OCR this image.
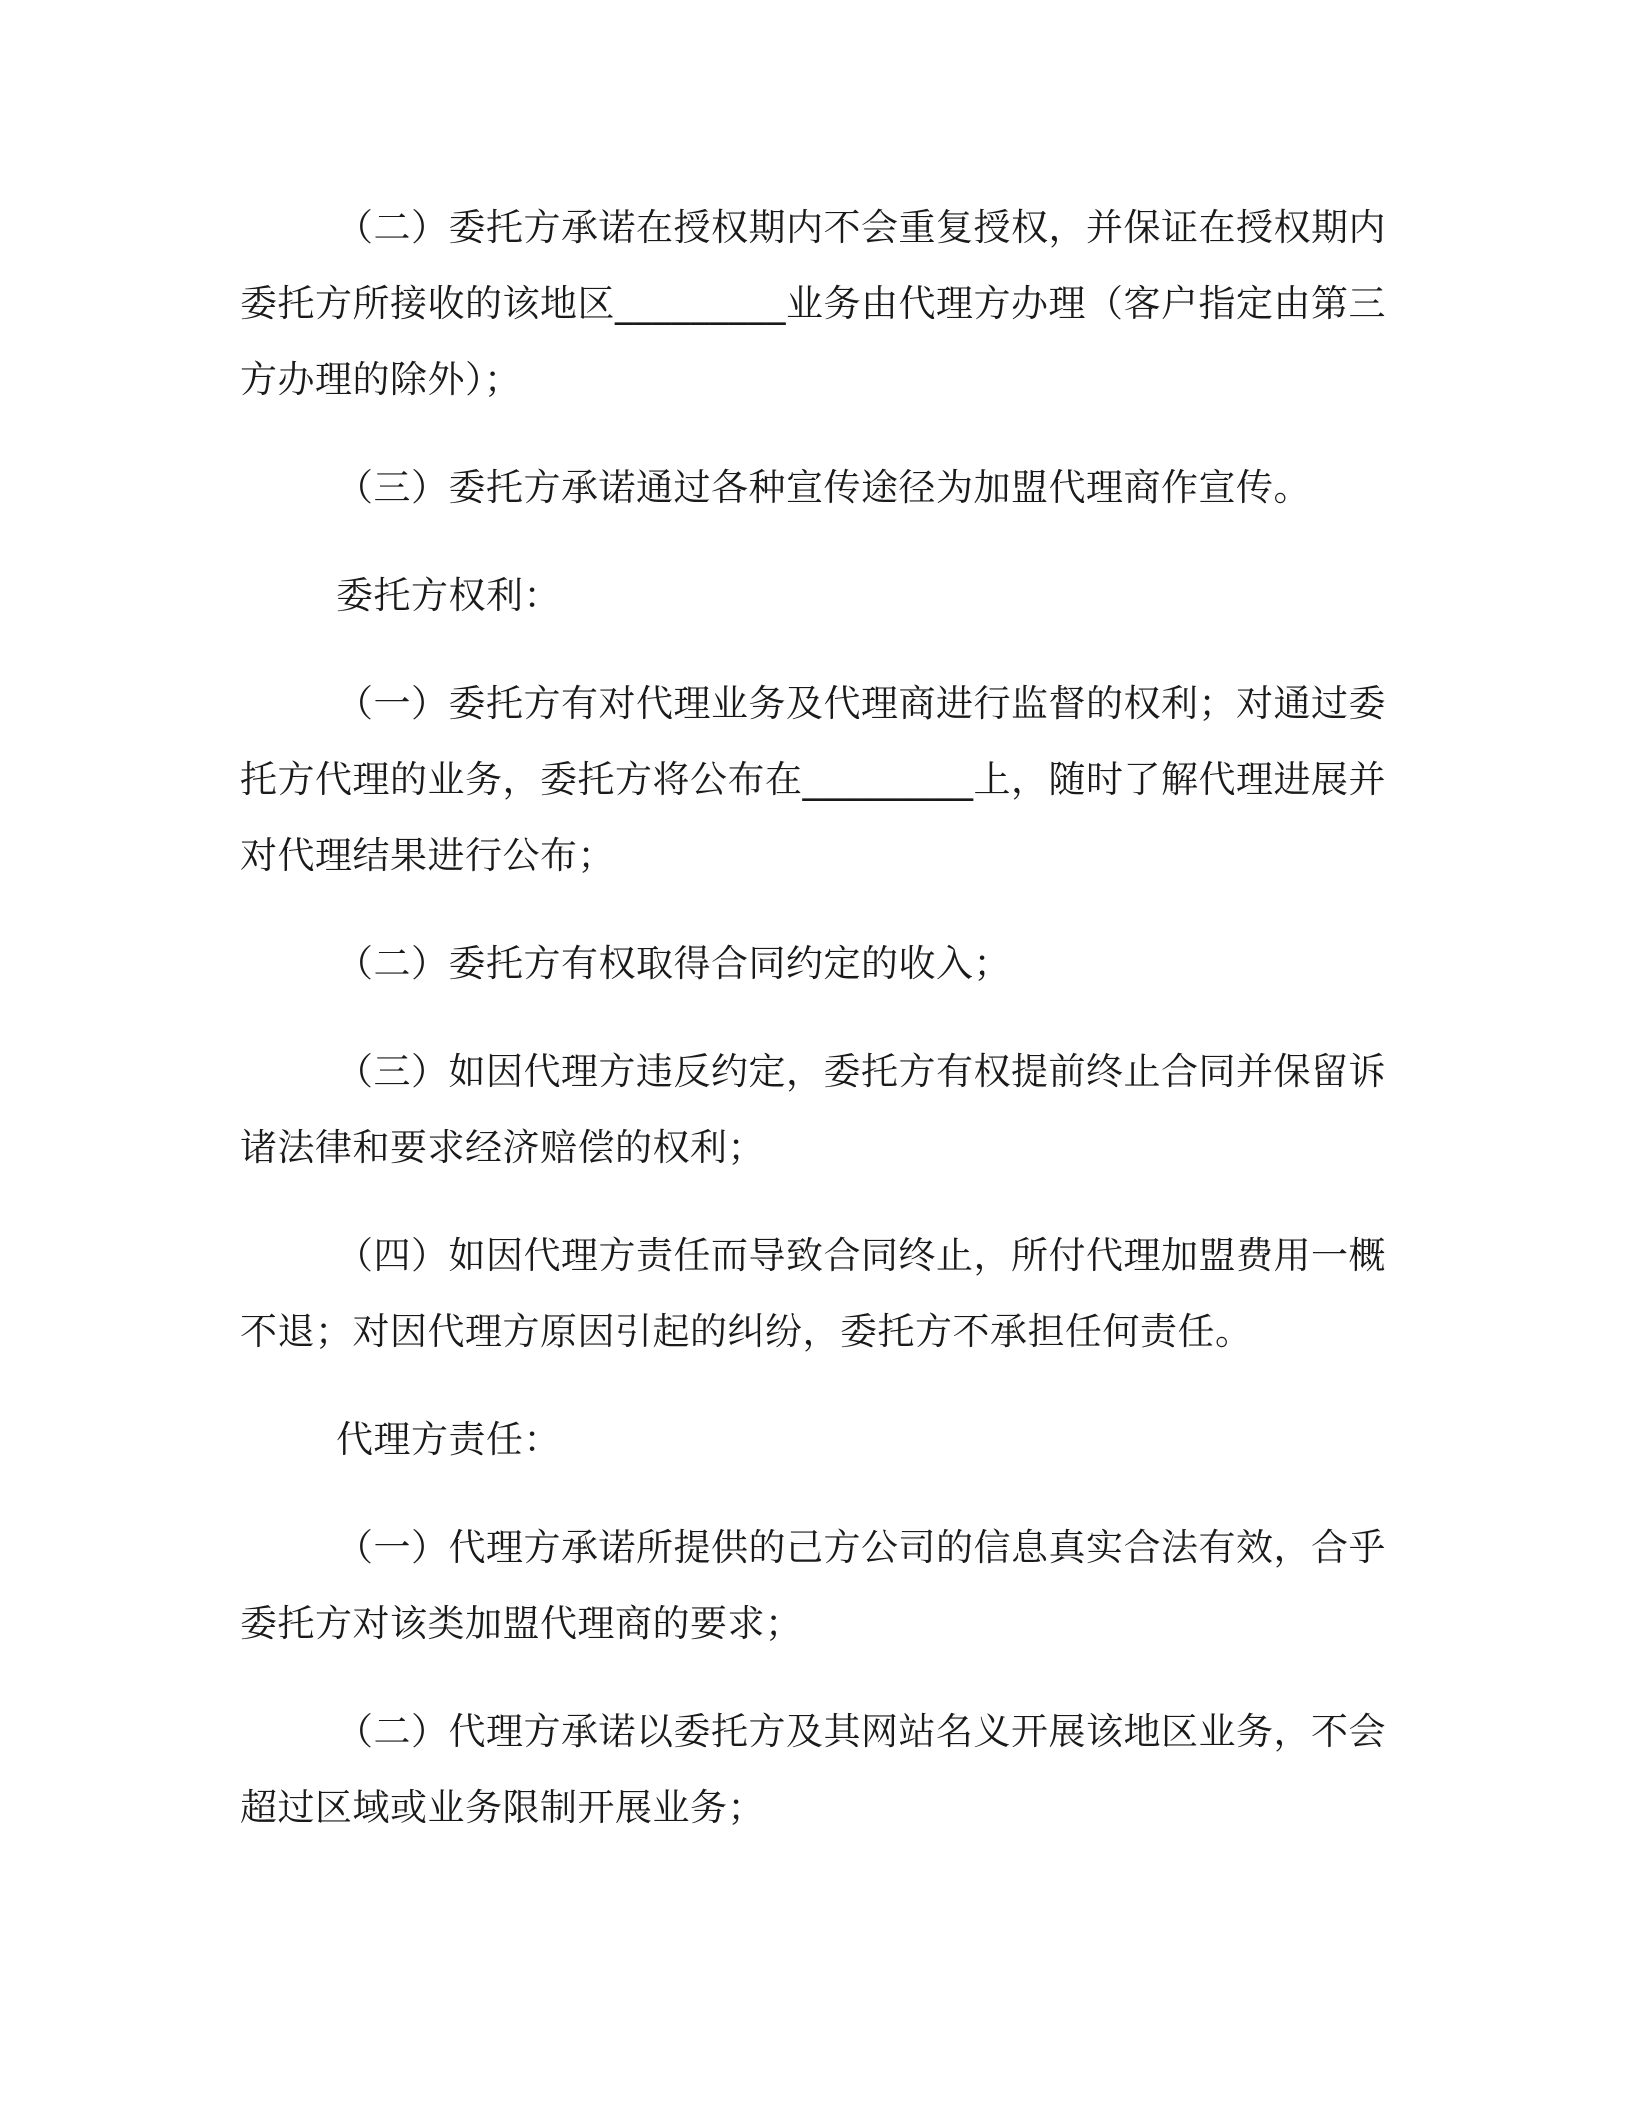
（二）委托方承诺在授权期内不会重复授权，并保证在授权期内委托方所接收的该地区_________业务由代理方办理（客户指定由第三方办理的除外）；

（三）委托方承诺通过各种宣传途径为加盟代理商作宣传。

委托方权利：

（一）委托方有对代理业务及代理商进行监督的权利；对通过委托方代理的业务，委托方将公布在_________上，随时了解代理进展并对代理结果进行公布；

（二）委托方有权取得合同约定的收入；

（三）如因代理方违反约定，委托方有权提前终止合同并保留诉诸法律和要求经济赔偿的权利；

（四）如因代理方责任而导致合同终止，所付代理加盟费用一概不退；对因代理方原因引起的纠纷，委托方不承担任何责任。

代理方责任：

（一）代理方承诺所提供的己方公司的信息真实合法有效，合乎委托方对该类加盟代理商的要求；

（二）代理方承诺以委托方及其网站名义开展该地区业务，不会超过区域或业务限制开展业务；
